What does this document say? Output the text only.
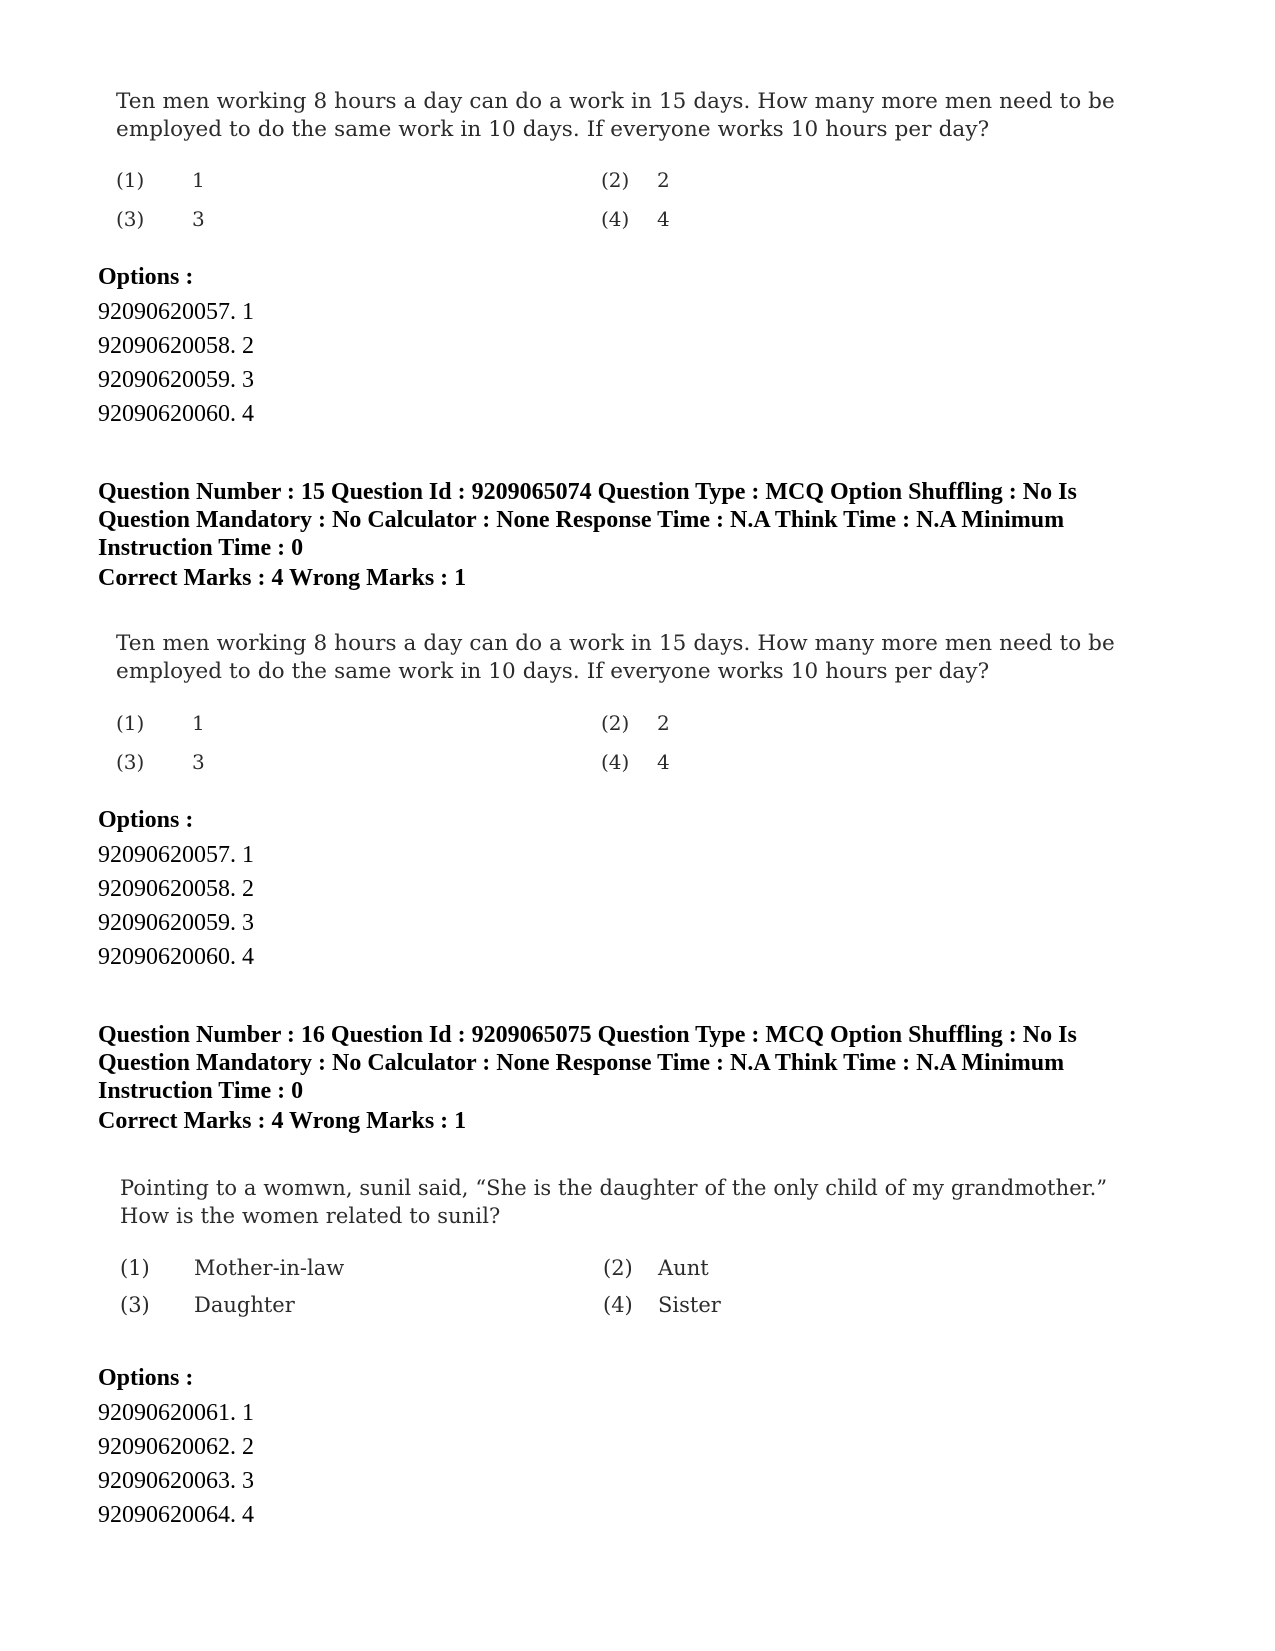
Ten men working 8 hours a day can do a work in 15 days. How many more men need to be

employed to do the same work in 10 days. If everyone works 10 hours per day?

(1) 1	(2) 2
(3) 3	(4) 4
Options :
92090620057. 1
92090620058. 2
92090620059. 3
92090620060. 4
Question Number : 15 Question Id : 9209065074 Question Type : MCQ Option Shuffling : No Is
Question Mandatory : No Calculator : None Response Time : N.A Think Time : N.A Minimum
Instruction Time : 0
Correct Marks : 4 Wrong Marks : 1

Ten men working 8 hours a day can do a work in 15 days. How many more men need to be

employed to do the same work in 10 days. If everyone works 10 hours per day?

(1) 1	(2) 2
(3) 3	(4) 4
Options :
92090620057. 1
92090620058. 2
92090620059. 3
92090620060. 4
Question Number : 16 Question Id : 9209065075 Question Type : MCQ Option Shuffling : No Is
Question Mandatory : No Calculator : None Response Time : N.A Think Time : N.A Minimum
Instruction Time : 0
Correct Marks : 4 Wrong Marks : 1

Pointing to a womwn, sunil said, “She is the daughter of the only child of my grandmother.”

How is the women related to sunil?

(1) Mother-in-law	(2) Aunt
(3) Daughter	(4) Sister
Options :
92090620061. 1
92090620062. 2
92090620063. 3
92090620064. 4
